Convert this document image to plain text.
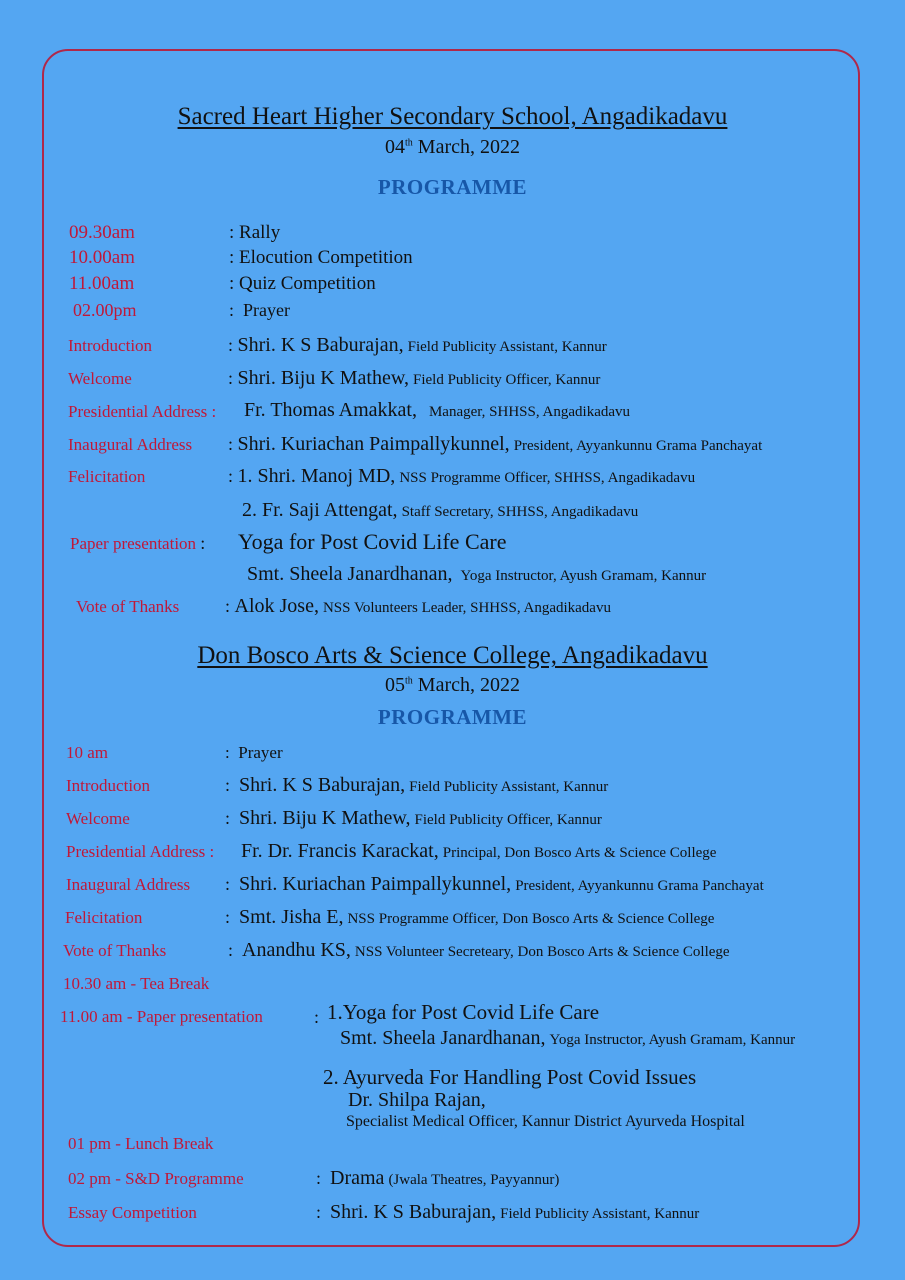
Sacred Heart Higher Secondary School, Angadikadavu
04th March, 2022
PROGRAMME
09.30am	: Rally
10.00am	: Elocution Competition
11.00am	: Quiz Competition
02.00pm	:  Prayer
Introduction	: Shri. K S Baburajan, Field Publicity Assistant, Kannur
Welcome	: Shri. Biju K Mathew, Field Publicity Officer, Kannur
Presidential Address : Fr. Thomas Amakkat, Manager, SHHSS, Angadikadavu
Inaugural Address : Shri. Kuriachan Paimpallykunnel, President, Ayyankunnu Grama Panchayat
Felicitation	: 1. Shri. Manoj MD, NSS Programme Officer, SHHSS, Angadikadavu
2. Fr. Saji Attengat, Staff Secretary, SHHSS, Angadikadavu
Paper presentation : Yoga for Post Covid Life Care
Smt. Sheela Janardhanan, Yoga Instructor, Ayush Gramam, Kannur
Vote of Thanks	: Alok Jose, NSS Volunteers Leader, SHHSS, Angadikadavu
Don Bosco Arts & Science College, Angadikadavu
05th March, 2022
PROGRAMME
10 am	:  Prayer
Introduction	:  Shri. K S Baburajan, Field Publicity Assistant, Kannur
Welcome	:  Shri. Biju K Mathew, Field Publicity Officer, Kannur
Presidential Address : Fr. Dr. Francis Karackat, Principal, Don Bosco Arts & Science College
Inaugural Address :  Shri. Kuriachan Paimpallykunnel, President, Ayyankunnu Grama Panchayat
Felicitation	:  Smt. Jisha E, NSS Programme Officer, Don Bosco Arts & Science College
Vote of Thanks	:  Anandhu KS, NSS Volunteer Secreteary, Don Bosco Arts & Science College
10.30 am - Tea Break
11.00 am - Paper presentation	: 1.Yoga for Post Covid Life Care
Smt. Sheela Janardhanan, Yoga Instructor, Ayush Gramam, Kannur
2. Ayurveda For Handling Post Covid Issues
Dr. Shilpa Rajan,
Specialist Medical Officer, Kannur District Ayurveda Hospital
01 pm - Lunch Break
02 pm - S&D Programme	:  Drama (Jwala Theatres, Payyannur)
Essay Competition	:  Shri. K S Baburajan, Field Publicity Assistant, Kannur
